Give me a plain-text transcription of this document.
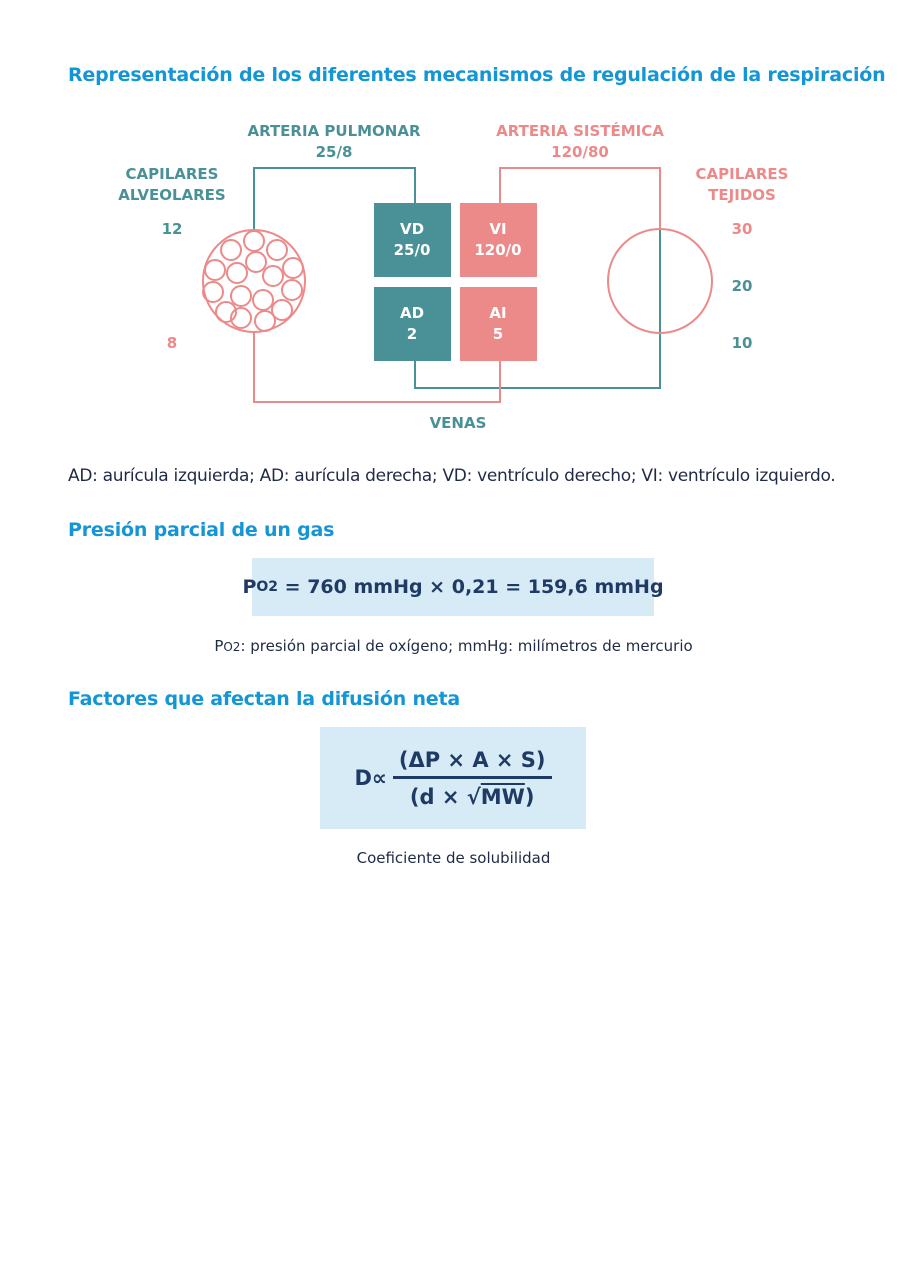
Representación de los diferentes mecanismos de regulación de la respiración
VD
25/0
VI
120/0
AD
2
AI
5
ARTERIA PULMONAR
25/8
ARTERIA SISTÉMICA
120/80
CAPILARES
ALVEOLARES
12
8
CAPILARES
TEJIDOS
30
20
10
VENAS

AD: aurícula izquierda; AD: aurícula derecha; VD: ventrículo derecho; VI: ventrículo izquierdo.

Presión parcial de un gas
P O2 = 760 mmHg × 0,21 = 159,6 mmHg

PO2: presión parcial de oxígeno; mmHg: milímetros de mercurio

Factores que afectan la difusión neta
$D\propto \frac{(\Delta P \times A \times S)}{(d \times √MW)}$

Coeficiente de solubilidad
